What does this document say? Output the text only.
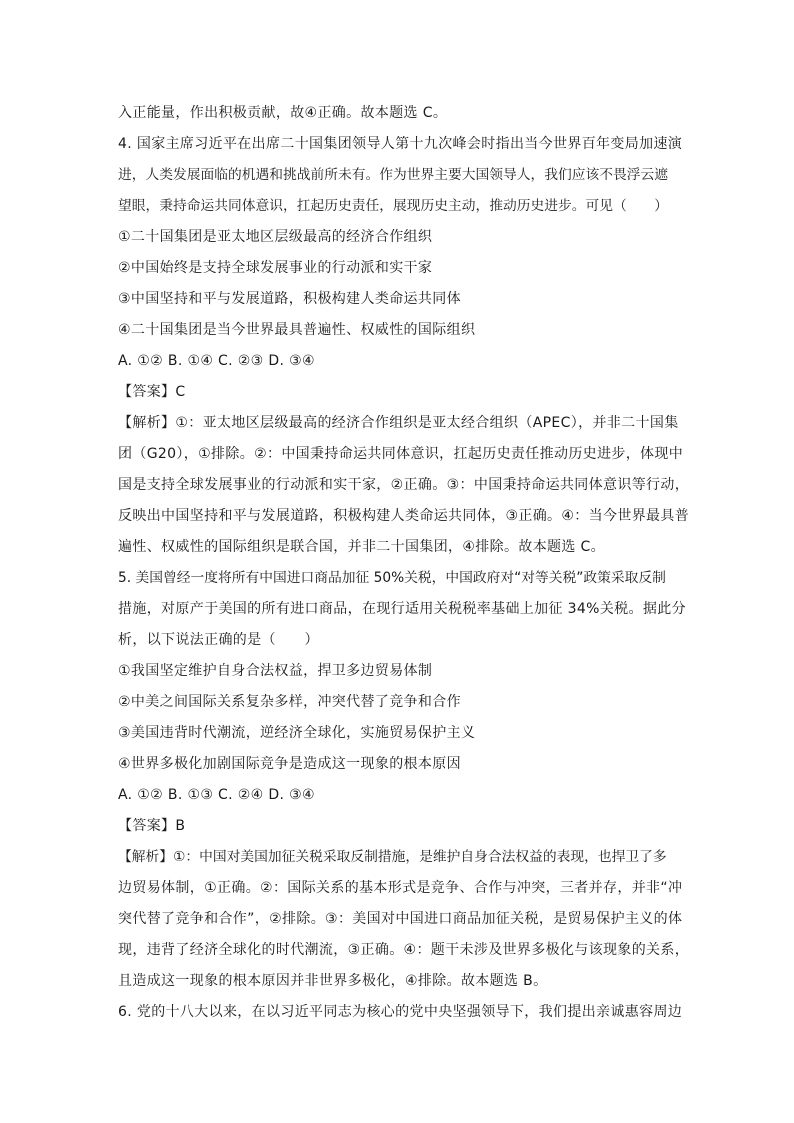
入正能量，作出积极贡献，故④正确。故本题选 C。
4. 国家主席习近平在出席二十国集团领导人第十九次峰会时指出当今世界百年变局加速演
进，人类发展面临的机遇和挑战前所未有。作为世界主要大国领导人，我们应该不畏浮云遮
望眼，秉持命运共同体意识，扛起历史责任，展现历史主动，推动历史进步。可见（　　）
①二十国集团是亚太地区层级最高的经济合作组织
②中国始终是支持全球发展事业的行动派和实干家
③中国坚持和平与发展道路，积极构建人类命运共同体
④二十国集团是当今世界最具普遍性、权威性的国际组织
A. ①② B. ①④ C. ②③ D. ③④
【答案】C
【解析】①：亚太地区层级最高的经济合作组织是亚太经合组织（APEC），并非二十国集
团（G20），①排除。②：中国秉持命运共同体意识，扛起历史责任推动历史进步，体现中
国是支持全球发展事业的行动派和实干家，②正确。③：中国秉持命运共同体意识等行动，
反映出中国坚持和平与发展道路，积极构建人类命运共同体，③正确。④：当今世界最具普
遍性、权威性的国际组织是联合国，并非二十国集团，④排除。故本题选 C。
5. 美国曾经一度将所有中国进口商品加征 50%关税，中国政府对“对等关税”政策采取反制
措施，对原产于美国的所有进口商品，在现行适用关税税率基础上加征 34%关税。据此分
析，以下说法正确的是（　　）
①我国坚定维护自身合法权益，捍卫多边贸易体制
②中美之间国际关系复杂多样，冲突代替了竞争和合作
③美国违背时代潮流，逆经济全球化，实施贸易保护主义
④世界多极化加剧国际竞争是造成这一现象的根本原因
A. ①② B. ①③ C. ②④ D. ③④
【答案】B
【解析】①：中国对美国加征关税采取反制措施，是维护自身合法权益的表现，也捍卫了多
边贸易体制，①正确。②：国际关系的基本形式是竞争、合作与冲突，三者并存，并非“冲
突代替了竞争和合作”，②排除。③：美国对中国进口商品加征关税，是贸易保护主义的体
现，违背了经济全球化的时代潮流，③正确。④：题干未涉及世界多极化与该现象的关系，
且造成这一现象的根本原因并非世界多极化，④排除。故本题选 B。
6. 党的十八大以来，在以习近平同志为核心的党中央坚强领导下，我们提出亲诚惠容周边
